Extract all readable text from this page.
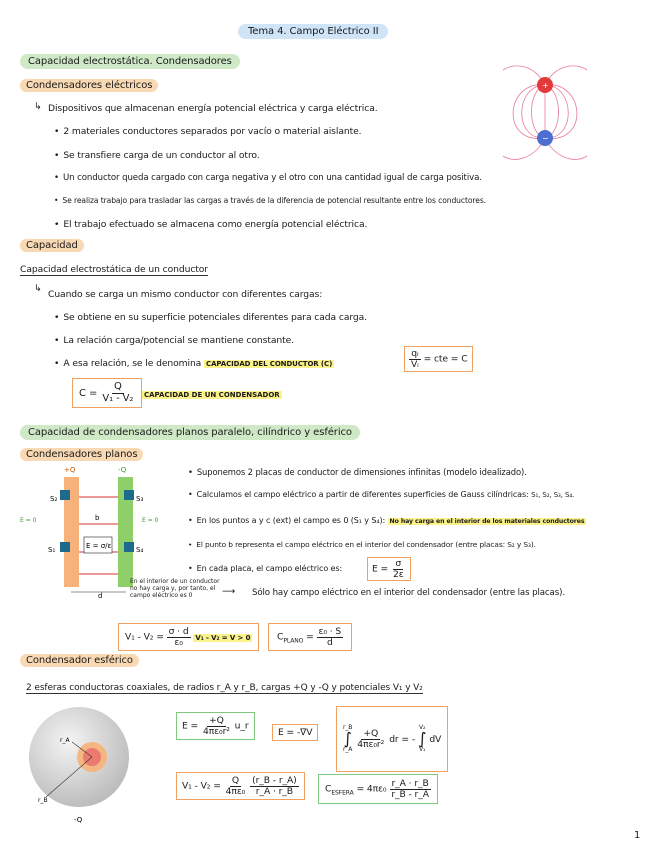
Tema 4. Campo Eléctrico II
Capacidad electrostática. Condensadores
Condensadores eléctricos
↳ Dispositivos que almacenan energía potencial eléctrica y carga eléctrica.
• 2 materiales conductores separados por vacío o material aislante.
• Se transfiere carga de un conductor al otro.
• Un conductor queda cargado con carga negativa y el otro con una cantidad igual de carga positiva.
• Se realiza trabajo para trasladar las cargas a través de la diferencia de potencial resultante entre los conductores.
• El trabajo efectuado se almacena como energía potencial eléctrica.
+
−
Capacidad
Capacidad electrostática de un conductor
↳
Cuando se carga un mismo conductor con diferentes cargas:
• Se obtiene en su superficie potenciales diferentes para cada carga.
• La relación carga/potencial se mantiene constante.
• A esa relación, se le denomina CAPACIDAD DEL CONDUCTOR (C)	$\frac{\text{qᵢ}}{\text{Vᵢ}}$ = cte = C
$C = \frac{Q}{\text{V₁ - V₂}}$ CAPACIDAD DE UN CONDENSADOR
Capacidad de condensadores planos paralelo, cilíndrico y esférico
Condensadores planos
E = σ/ε
+Q	-Q
S₂	S₃
S₁	S₄
E = 0	E = 0
b
d
• Suponemos 2 placas de conductor de dimensiones infinitas (modelo idealizado).
• Calculamos el campo eléctrico a partir de diferentes superficies de Gauss cilíndricas: S₁, S₂, S₃, S₄.
• En los puntos a y c (ext) el campo es 0 (S₁ y S₄): No hay carga en el interior de los materiales conductores
• El punto b representa el campo eléctrico en el interior del condensador (entre placas: S₂ y S₃).
• En cada placa, el campo eléctrico es:	$E = \frac{\sigma}{2\varepsilon}$
En el interior de un conductor no hay carga y, por tanto, el campo eléctrico es 0	⟶ Sólo hay campo eléctrico en el interior del condensador (entre las placas).
$V_1 - V_2 = \frac{\sigma \cdot d}{\text{ε₀}} V_1 - V_2 = V > 0$	$C_{PLANO} = \frac{\text{ε₀ · S}}{d}$
Condensador esférico
2 esferas conductoras coaxiales, de radios r_A y r_B, cargas +Q y -Q y potenciales V₁ y V₂
r_A
r_B
-Q
$E = \frac{+Q}{\text{4πε₀r²}}$ u_r
E = -∇V	r_B
∫
r_A
$\frac{+Q}{\text{4πε₀r²}}$ dr = -
V₂
∫
V₁
dV
$V_1 - V_2 = \frac{Q}{\text{4πε₀}}$
$\frac{(r\_B - r\_A)}{r\_A \cdot r\_B}$	$C_{ESFERA} = 4\pi\varepsilon_0 \frac{r\_A \cdot r\_B}{r\_B - r\_A}$
1
